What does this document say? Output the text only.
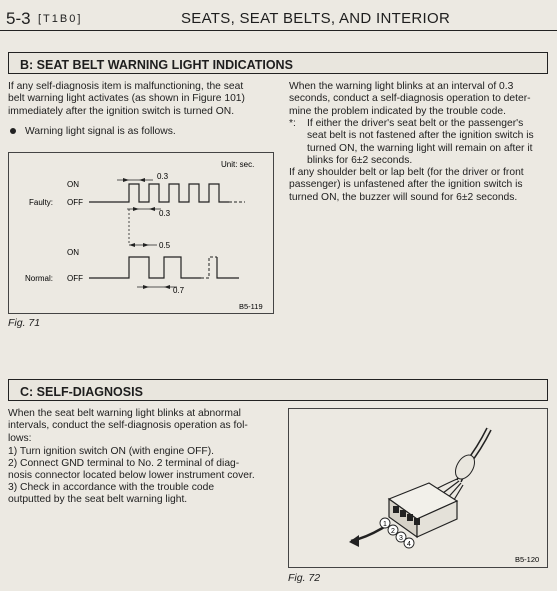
5-3 [T1B0]	SEATS, SEAT BELTS, AND INTERIOR
B: SEAT BELT WARNING LIGHT INDICATIONS
If any self-diagnosis item is malfunctioning, the seat
belt warning light activates (as shown in Figure 101)
immediately after the ignition switch is turned ON.
Warning light signal is as follows.
When the warning light blinks at an interval of 0.3
seconds, conduct a self-diagnosis operation to deter-
mine the problem indicated by the trouble code.
*:	If either the driver's seat belt or the passenger's
seat belt is not fastened after the ignition switch is
turned ON, the warning light will remain on after it
blinks for 6±2 seconds.
If any shoulder belt or lap belt (for the driver or front
passenger) is unfastened after the ignition switch is
turned ON, the buzzer will sound for 6±2 seconds.
Unit: sec.
ON
Faulty: OFF
0.3
0.3
ON
Normal: OFF
0.5
0.7
B5-119
Fig. 71
C: SELF-DIAGNOSIS
When the seat belt warning light blinks at abnormal
intervals, conduct the self-diagnosis operation as fol-
lows:
1) Turn ignition switch ON (with engine OFF).
2) Connect GND terminal to No. 2 terminal of diag-
nosis connector located below lower instrument cover.
3) Check in accordance with the trouble code
outputted by the seat belt warning light.
1
2
3
4
B5-120
Fig. 72
